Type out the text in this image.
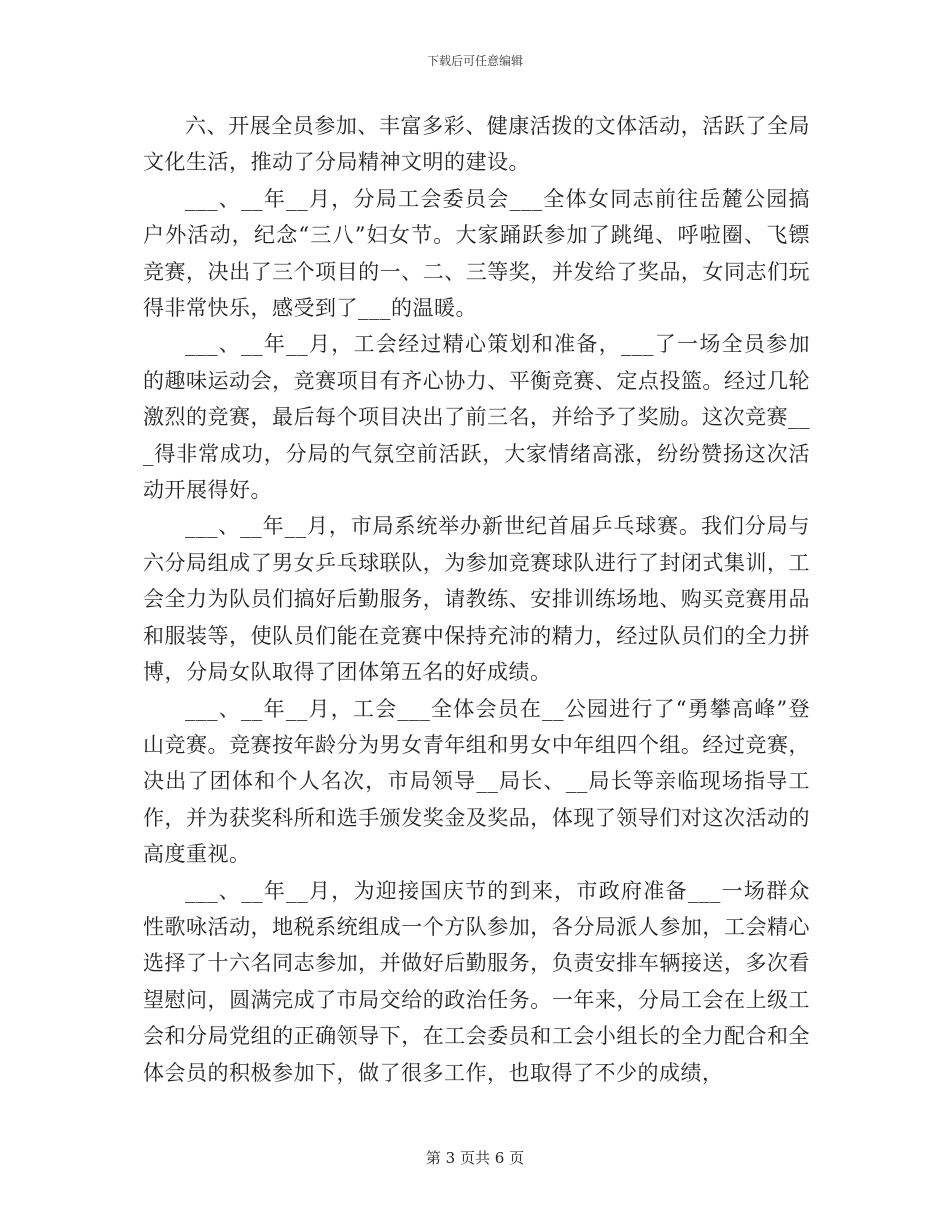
下载后可任意编辑

六、开展全员参加、丰富多彩、健康活拨的文体活动，活跃了全局文化生活，推动了分局精神文明的建设。

___、__年__月，分局工会委员会___全体女同志前往岳麓公园搞户外活动，纪念“三八”妇女节。大家踊跃参加了跳绳、呼啦圈、飞镖竞赛，决出了三个项目的一、二、三等奖，并发给了奖品，女同志们玩得非常快乐，感受到了___的温暖。

___、__年__月，工会经过精心策划和准备，___了一场全员参加的趣味运动会，竞赛项目有齐心协力、平衡竞赛、定点投篮。经过几轮激烈的竞赛，最后每个项目决出了前三名，并给予了奖励。这次竞赛___得非常成功，分局的气氛空前活跃，大家情绪高涨，纷纷赞扬这次活动开展得好。

___、__年__月，市局系统举办新世纪首届乒乓球赛。我们分局与六分局组成了男女乒乓球联队，为参加竞赛球队进行了封闭式集训，工会全力为队员们搞好后勤服务，请教练、安排训练场地、购买竞赛用品和服装等，使队员们能在竞赛中保持充沛的精力，经过队员们的全力拼博，分局女队取得了团体第五名的好成绩。

___、__年__月，工会___全体会员在__公园进行了“勇攀高峰”登山竞赛。竞赛按年龄分为男女青年组和男女中年组四个组。经过竞赛，决出了团体和个人名次，市局领导__局长、__局长等亲临现场指导工作，并为获奖科所和选手颁发奖金及奖品，体现了领导们对这次活动的高度重视。

___、__年__月，为迎接国庆节的到来，市政府准备___一场群众性歌咏活动，地税系统组成一个方队参加，各分局派人参加，工会精心选择了十六名同志参加，并做好后勤服务，负责安排车辆接送，多次看望慰问，圆满完成了市局交给的政治任务。一年来，分局工会在上级工会和分局党组的正确领导下，在工会委员和工会小组长的全力配合和全体会员的积极参加下，做了很多工作，也取得了不少的成绩，

第 3 页共 6 页
